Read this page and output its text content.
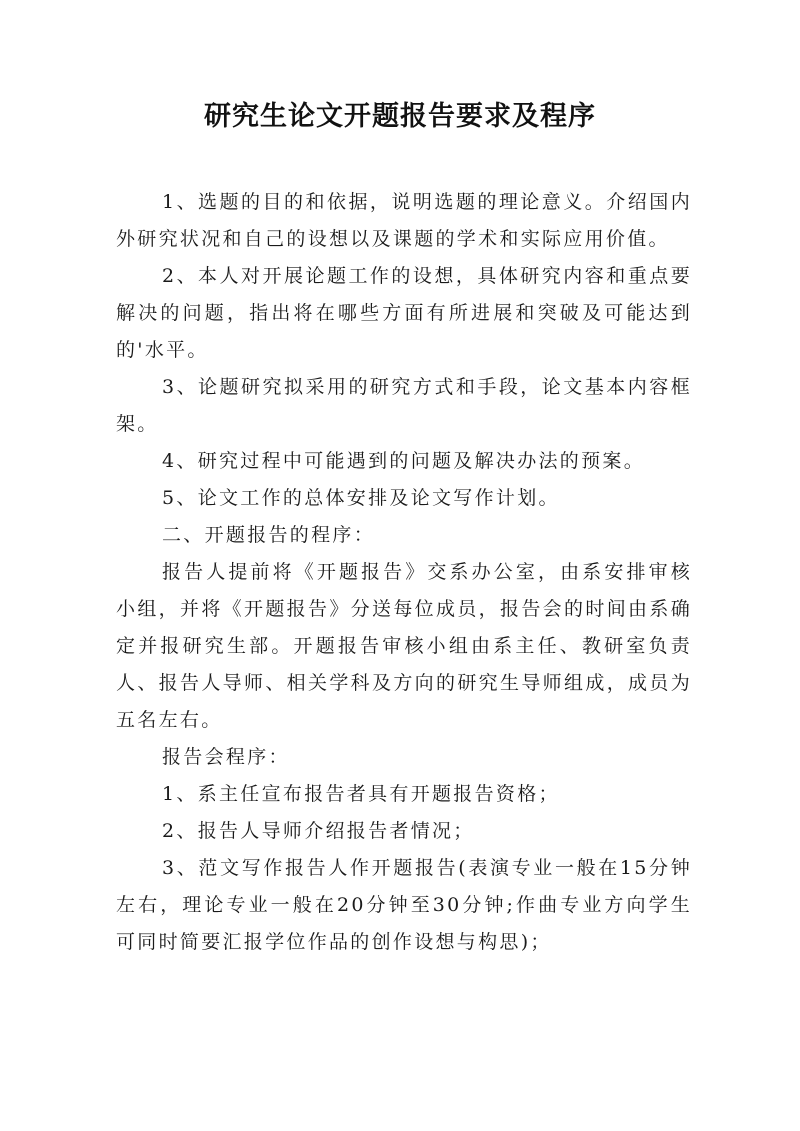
研究生论文开题报告要求及程序

1、选题的目的和依据，说明选题的理论意义。介绍国内外研究状况和自己的设想以及课题的学术和实际应用价值。

2、本人对开展论题工作的设想，具体研究内容和重点要解决的问题，指出将在哪些方面有所进展和突破及可能达到的'水平。

3、论题研究拟采用的研究方式和手段，论文基本内容框架。

4、研究过程中可能遇到的问题及解决办法的预案。

5、论文工作的总体安排及论文写作计划。

二、开题报告的程序：

报告人提前将《开题报告》交系办公室，由系安排审核小组，并将《开题报告》分送每位成员，报告会的时间由系确定并报研究生部。开题报告审核小组由系主任、教研室负责人、报告人导师、相关学科及方向的研究生导师组成，成员为五名左右。

报告会程序：

1、系主任宣布报告者具有开题报告资格；

2、报告人导师介绍报告者情况；

3、范文写作报告人作开题报告(表演专业一般在15分钟左右，理论专业一般在20分钟至30分钟;作曲专业方向学生可同时简要汇报学位作品的创作设想与构思)；
